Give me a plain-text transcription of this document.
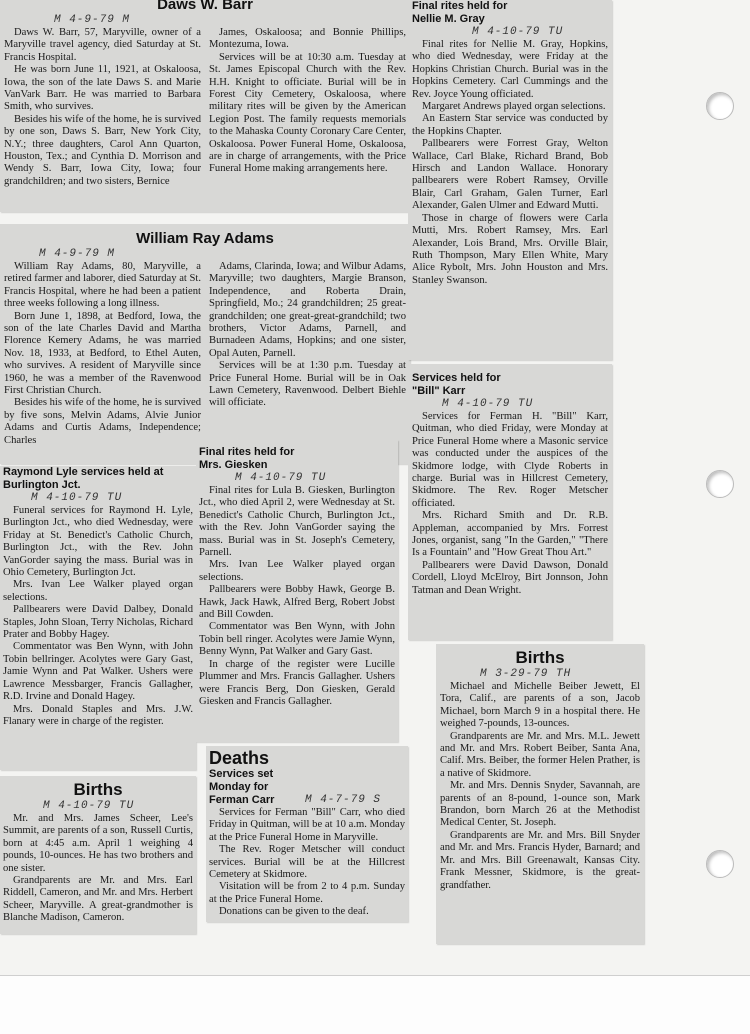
Daws W. Barr
M 4-9-79 M

Daws W. Barr, 57, Maryville, owner of a Maryville travel agency, died Saturday at St. Francis Hospital.

He was born June 11, 1921, at Oskaloosa, Iowa, the son of the late Daws S. and Marie VanVark Barr. He was married to Barbara Smith, who survives.

Besides his wife of the home, he is survived by one son, Daws S. Barr, New York City, N.Y.; three daughters, Carol Ann Quarton, Houston, Tex.; and Cynthia D. Morrison and Wendy S. Barr, Iowa City, Iowa; four grandchildren; and two sisters, Bernice

James, Oskaloosa; and Bonnie Phillips, Montezuma, Iowa.

Services will be at 10:30 a.m. Tuesday at St. James Episcopal Church with the Rev. H.H. Knight to officiate. Burial will be in Forest City Cemetery, Oskaloosa, where military rites will be given by the American Legion Post. The family requests memorials to the Mahaska County Coronary Care Center, Oskaloosa. Power Funeral Home, Oskaloosa, are in charge of arrangements, with the Price Funeral Home making arrangements here.

William Ray Adams
M 4-9-79 M

William Ray Adams, 80, Maryville, a retired farmer and laborer, died Saturday at St. Francis Hospital, where he had been a patient three weeks following a long illness.

Born June 1, 1898, at Bedford, Iowa, the son of the late Charles David and Martha Florence Kemery Adams, he was married Nov. 18, 1933, at Bedford, to Ethel Auten, who survives. A resident of Maryville since 1960, he was a member of the Ravenwood First Christian Church.

Besides his wife of the home, he is survived by five sons, Melvin Adams, Alvie Junior Adams and Curtis Adams, Independence; Charles

Adams, Clarinda, Iowa; and Wilbur Adams, Maryville; two daughters, Margie Branson, Independence, and Roberta Drain, Springfield, Mo.; 24 grandchildren; 25 great-grandchilden; one great-great-grandchild; two brothers, Victor Adams, Parnell, and Burnadeen Adams, Hopkins; and one sister, Opal Auten, Parnell.

Services will be at 1:30 p.m. Tuesday at Price Funeral Home. Burial will be in Oak Lawn Cemetery, Ravenwood. Delbert Biehle will officiate.

Final rites held for Nellie M. Gray
M 4-10-79 TU

Final rites for Nellie M. Gray, Hopkins, who died Wednesday, were Friday at the Hopkins Christian Church. Burial was in the Hopkins Cemetery. Carl Cummings and the Rev. Joyce Young officiated.

Margaret Andrews played organ selections.

An Eastern Star service was conducted by the Hopkins Chapter.

Pallbearers were Forrest Gray, Welton Wallace, Carl Blake, Richard Brand, Bob Hirsch and Landon Wallace. Honorary pallbearers were Robert Ramsey, Orville Blair, Carl Graham, Galen Turner, Earl Alexander, Galen Ulmer and Edward Mutti.

Those in charge of flowers were Carla Mutti, Mrs. Robert Ramsey, Mrs. Earl Alexander, Lois Brand, Mrs. Orville Blair, Ruth Thompson, Mary Ellen White, Mary Alice Rybolt, Mrs. John Houston and Mrs. Stanley Swanson.

Services held for "Bill" Karr
M 4-10-79 TU

Services for Ferman H. "Bill" Karr, Quitman, who died Friday, were Monday at Price Funeral Home where a Masonic service was conducted under the auspices of the Skidmore lodge, with Clyde Roberts in charge. Burial was in Hillcrest Cemetery, Skidmore. The Rev. Roger Metscher officiated.

Mrs. Richard Smith and Dr. R.B. Appleman, accompanied by Mrs. Forrest Jones, organist, sang "In the Garden," "There Is a Fountain" and "How Great Thou Art."

Pallbearers were David Dawson, Donald Cordell, Lloyd McElroy, Birt Jonnson, John Tatman and Dean Wright.

Raymond Lyle services held at Burlington Jct.
M 4-10-79 TU

Funeral services for Raymond H. Lyle, Burlington Jct., who died Wednesday, were Friday at St. Benedict's Catholic Church, Burlington Jct., with the Rev. John VanGorder saying the mass. Burial was in Ohio Cemetery, Burlington Jct.

Mrs. Ivan Lee Walker played organ selections.

Pallbearers were David Dalbey, Donald Staples, John Sloan, Terry Nicholas, Richard Prater and Bobby Hagey.

Commentator was Ben Wynn, with John Tobin bellringer. Acolytes were Gary Gast, Jamie Wynn and Pat Walker. Ushers were Lawrence Messbarger, Francis Gallagher, R.D. Irvine and Donald Hagey.

Mrs. Donald Staples and Mrs. J.W. Flanary were in charge of the register.

Final rites held for Mrs. Giesken
M 4-10-79 TU

Final rites for Lula B. Giesken, Burlington Jct., who died April 2, were Wednesday at St. Benedict's Catholic Church, Burlington Jct., with the Rev. John VanGorder saying the mass. Burial was in St. Joseph's Cemetery, Parnell.

Mrs. Ivan Lee Walker played organ selections.

Pallbearers were Bobby Hawk, George B. Hawk, Jack Hawk, Alfred Berg, Robert Jobst and Bill Cowden.

Commentator was Ben Wynn, with John Tobin bell ringer. Acolytes were Jamie Wynn, Benny Wynn, Pat Walker and Gary Gast.

In charge of the register were Lucille Plummer and Mrs. Francis Gallagher. Ushers were Francis Berg, Don Giesken, Gerald Giesken and Francis Gallagher.

Births
M 4-10-79 TU

Mr. and Mrs. James Scheer, Lee's Summit, are parents of a son, Russell Curtis, born at 4:45 a.m. April 1 weighing 4 pounds, 10-ounces. He has two brothers and one sister.

Grandparents are Mr. and Mrs. Earl Riddell, Cameron, and Mr. and Mrs. Herbert Scheer, Maryville. A great-grandmother is Blanche Madison, Cameron.

Deaths
Services set Monday for Ferman Carr	M 4-7-79 S

Services for Ferman "Bill" Carr, who died Friday in Quitman, will be at 10 a.m. Monday at the Price Funeral Home in Maryville.

The Rev. Roger Metscher will conduct services. Burial will be at the Hillcrest Cemetery at Skidmore.

Visitation will be from 2 to 4 p.m. Sunday at the Price Funeral Home.

Donations can be given to the deaf.

Births
M 3-29-79 TH

Michael and Michelle Beiber Jewett, El Tora, Calif., are parents of a son, Jacob Michael, born March 9 in a hospital there. He weighed 7-pounds, 13-ounces.

Grandparents are Mr. and Mrs. M.L. Jewett and Mr. and Mrs. Robert Beiber, Santa Ana, Calif. Mrs. Beiber, the former Helen Prather, is a native of Skidmore.

Mr. and Mrs. Dennis Snyder, Savannah, are parents of an 8-pound, 1-ounce son, Mark Brandon, born March 26 at the Methodist Medical Center, St. Joseph.

Grandparents are Mr. and Mrs. Bill Snyder and Mr. and Mrs. Francis Hyder, Barnard; and Mr. and Mrs. Bill Greenawalt, Kansas City. Frank Messner, Skidmore, is the great-grandfather.
